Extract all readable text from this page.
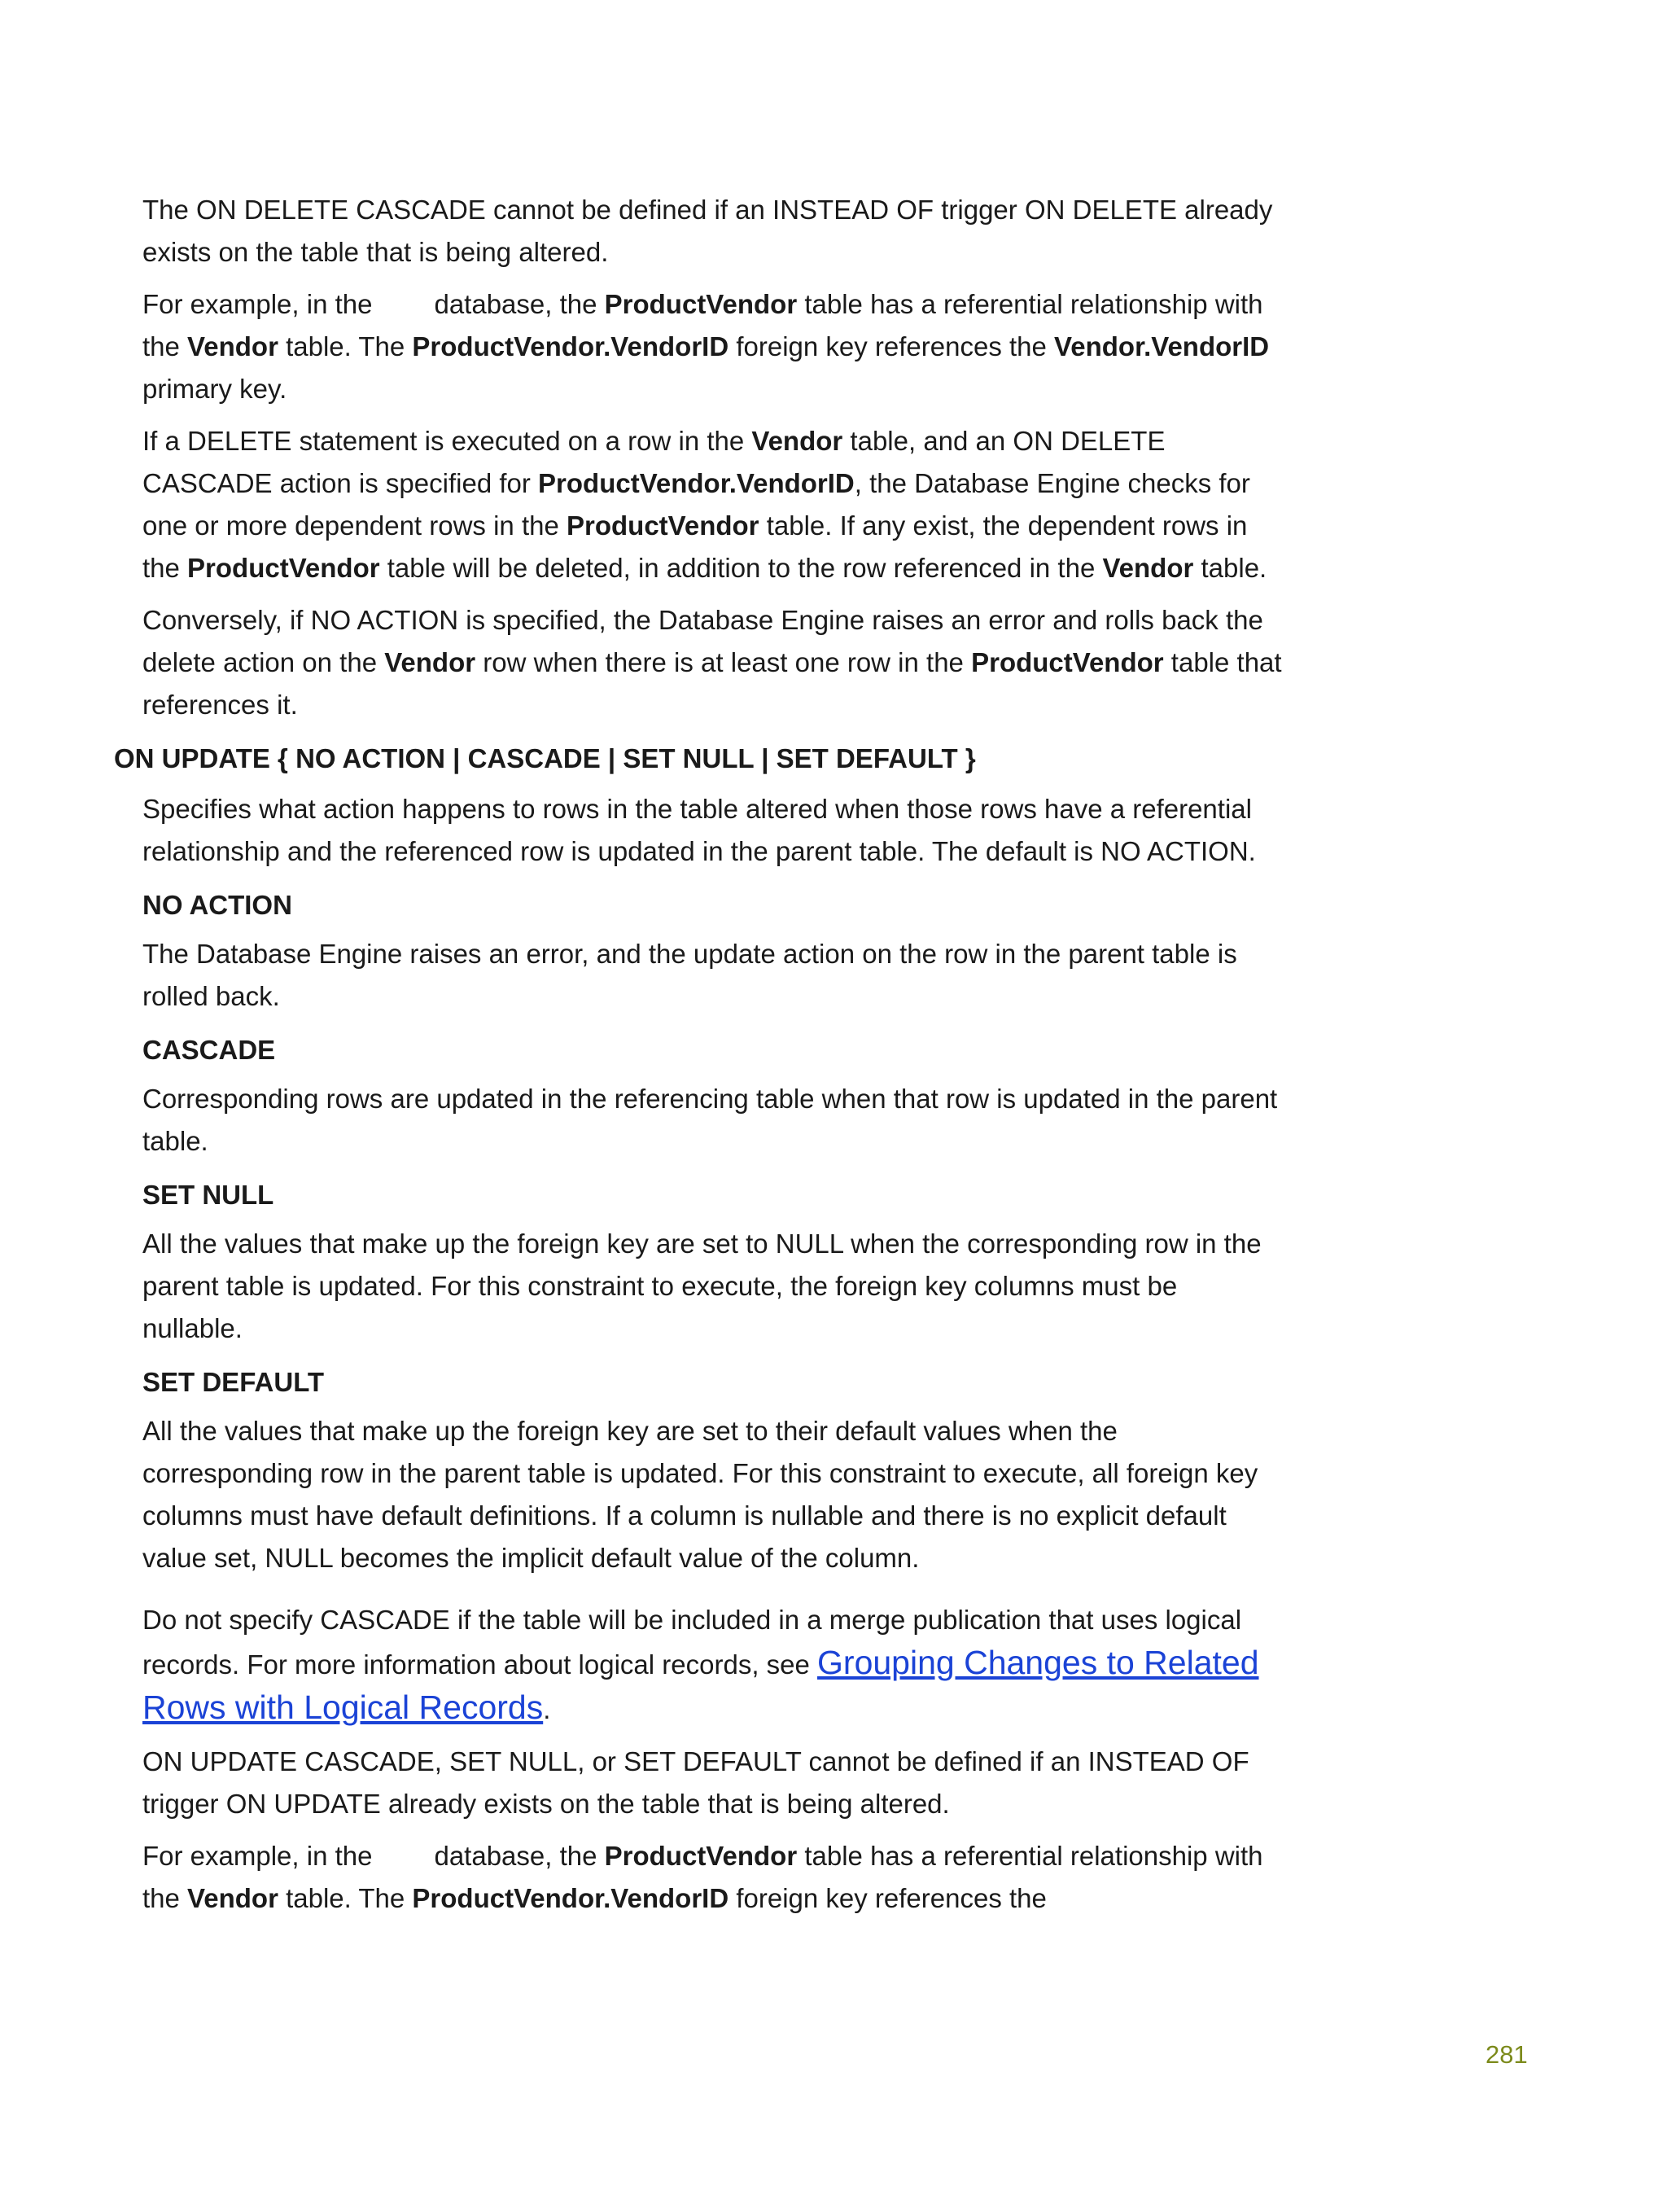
The ON DELETE CASCADE cannot be defined if an INSTEAD OF trigger ON DELETE already exists on the table that is being altered.

For example, in the database, the ProductVendor table has a referential relationship with the Vendor table. The ProductVendor.VendorID foreign key references the Vendor.VendorID primary key.

If a DELETE statement is executed on a row in the Vendor table, and an ON DELETE CASCADE action is specified for ProductVendor.VendorID, the Database Engine checks for one or more dependent rows in the ProductVendor table. If any exist, the dependent rows in the ProductVendor table will be deleted, in addition to the row referenced in the Vendor table.

Conversely, if NO ACTION is specified, the Database Engine raises an error and rolls back the delete action on the Vendor row when there is at least one row in the ProductVendor table that references it.

ON UPDATE { NO ACTION | CASCADE | SET NULL | SET DEFAULT }

Specifies what action happens to rows in the table altered when those rows have a referential relationship and the referenced row is updated in the parent table. The default is NO ACTION.

NO ACTION

The Database Engine raises an error, and the update action on the row in the parent table is rolled back.

CASCADE

Corresponding rows are updated in the referencing table when that row is updated in the parent table.

SET NULL

All the values that make up the foreign key are set to NULL when the corresponding row in the parent table is updated. For this constraint to execute, the foreign key columns must be nullable.

SET DEFAULT

All the values that make up the foreign key are set to their default values when the corresponding row in the parent table is updated. For this constraint to execute, all foreign key columns must have default definitions. If a column is nullable and there is no explicit default value set, NULL becomes the implicit default value of the column.

Do not specify CASCADE if the table will be included in a merge publication that uses logical records. For more information about logical records, see Grouping Changes to Related Rows with Logical Records.

ON UPDATE CASCADE, SET NULL, or SET DEFAULT cannot be defined if an INSTEAD OF trigger ON UPDATE already exists on the table that is being altered.

For example, in the database, the ProductVendor table has a referential relationship with the Vendor table. The ProductVendor.VendorID foreign key references the

281
